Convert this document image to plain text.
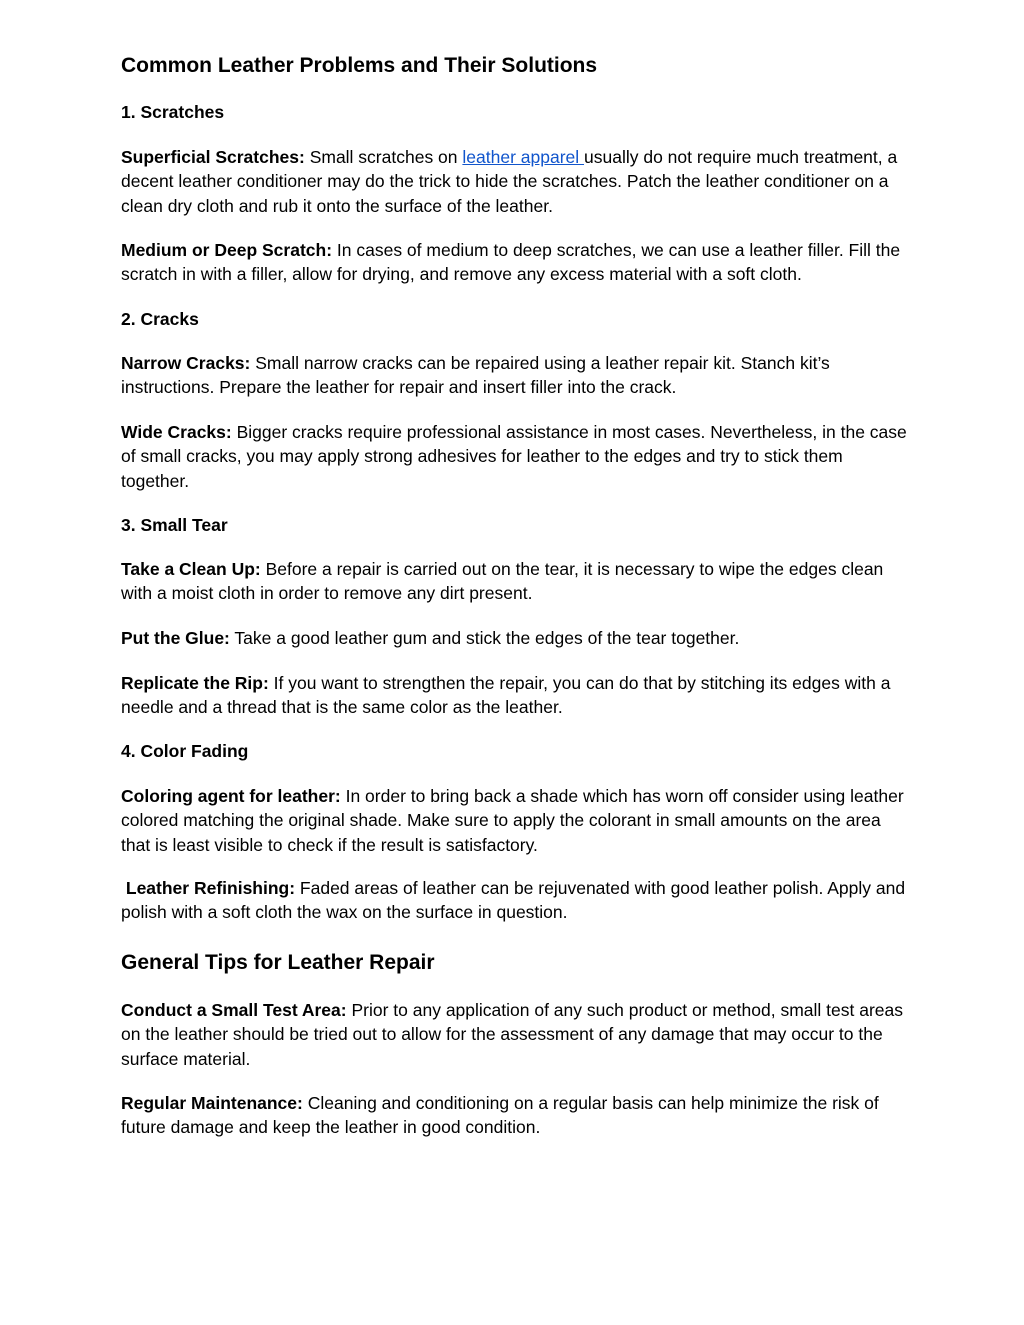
Common Leather Problems and Their Solutions
1. Scratches

Superficial Scratches: Small scratches on leather apparel usually do not require much treatment, a decent leather conditioner may do the trick to hide the scratches. Patch the leather conditioner on a clean dry cloth and rub it onto the surface of the leather.

Medium or Deep Scratch: In cases of medium to deep scratches, we can use a leather filler. Fill the scratch in with a filler, allow for drying, and remove any excess material with a soft cloth.

2. Cracks

Narrow Cracks: Small narrow cracks can be repaired using a leather repair kit. Stanch kit’s instructions. Prepare the leather for repair and insert filler into the crack.

Wide Cracks: Bigger cracks require professional assistance in most cases. Nevertheless, in the case of small cracks, you may apply strong adhesives for leather to the edges and try to stick them together.

3. Small Tear

Take a Clean Up: Before a repair is carried out on the tear, it is necessary to wipe the edges clean with a moist cloth in order to remove any dirt present.

Put the Glue: Take a good leather gum and stick the edges of the tear together.

Replicate the Rip: If you want to strengthen the repair, you can do that by stitching its edges with a needle and a thread that is the same color as the leather.

4. Color Fading

Coloring agent for leather: In order to bring back a shade which has worn off consider using leather colored matching the original shade. Make sure to apply the colorant in small amounts on the area that is least visible to check if the result is satisfactory.

Leather Refinishing: Faded areas of leather can be rejuvenated with good leather polish. Apply and polish with a soft cloth the wax on the surface in question.

General Tips for Leather Repair

Conduct a Small Test Area: Prior to any application of any such product or method, small test areas on the leather should be tried out to allow for the assessment of any damage that may occur to the surface material.

Regular Maintenance: Cleaning and conditioning on a regular basis can help minimize the risk of future damage and keep the leather in good condition.
